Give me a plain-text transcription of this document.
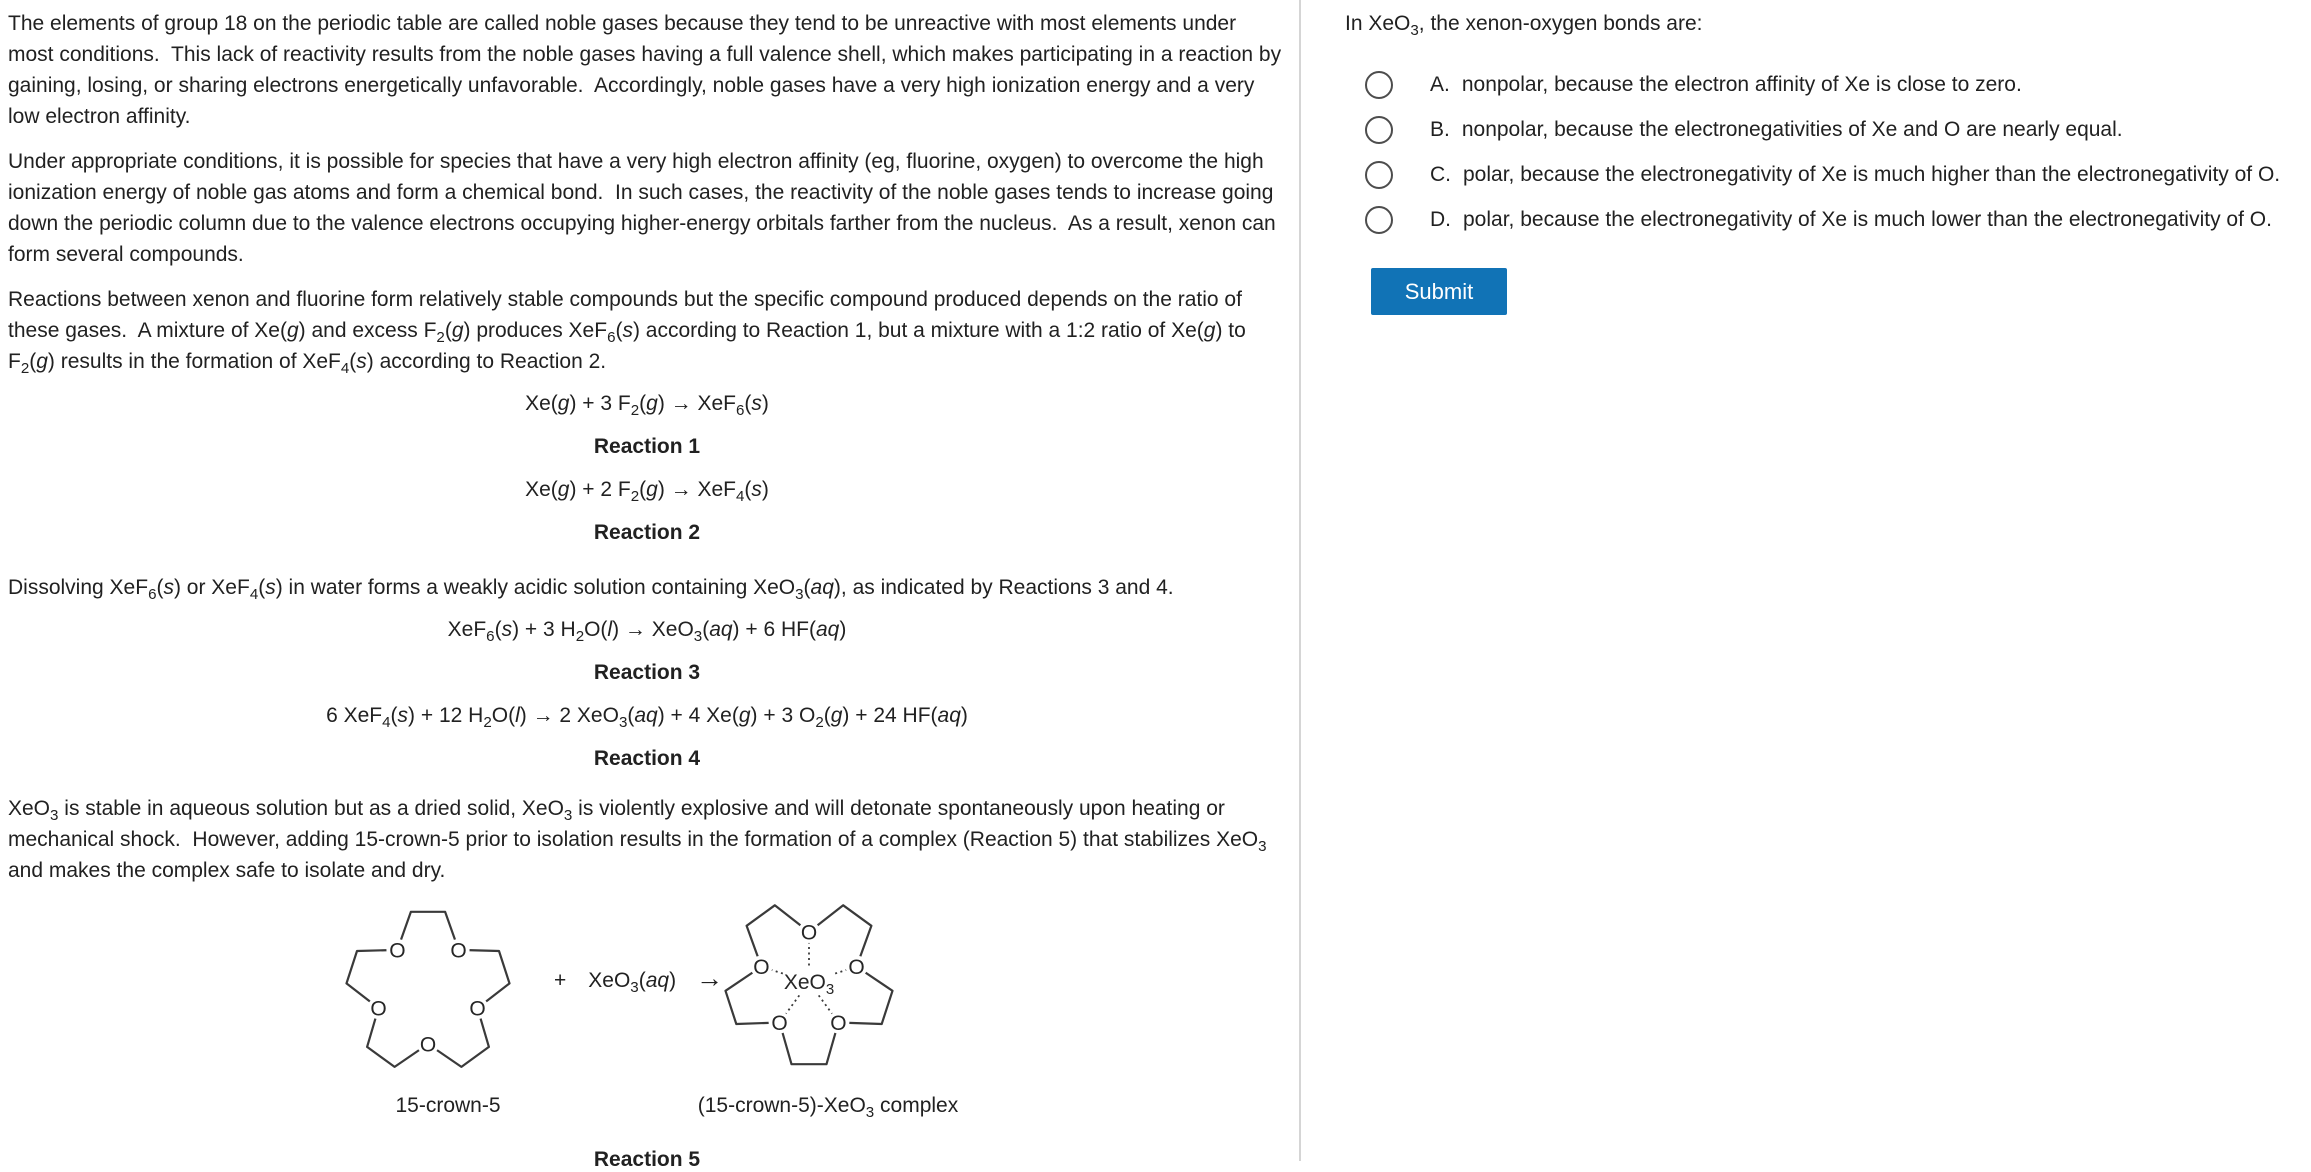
The elements of group 18 on the periodic table are called noble gases because they tend to be unreactive with most elements under most conditions.  This lack of reactivity results from the noble gases having a full valence shell, which makes participating in a reaction by gaining, losing, or sharing electrons energetically unfavorable.  Accordingly, noble gases have a very high ionization energy and a very low electron affinity.
Under appropriate conditions, it is possible for species that have a very high electron affinity (eg, fluorine, oxygen) to overcome the high ionization energy of noble gas atoms and form a chemical bond.  In such cases, the reactivity of the noble gases tends to increase going down the periodic column due to the valence electrons occupying higher-energy orbitals farther from the nucleus.  As a result, xenon can form several compounds.
Reactions between xenon and fluorine form relatively stable compounds but the specific compound produced depends on the ratio of these gases.  A mixture of Xe(g) and excess $F_2(g)$ produces XeF$_6$(s) according to Reaction 1, but a mixture with a 1:2 ratio of Xe(g) to $F_2(g)$ results in the formation of XeF$_4$(s) according to Reaction 2.
Xe(g) + 3 $F_2(g) \to XeF_6(s)$
Reaction 1
Xe(g) + 2 $F_2(g) \to XeF_4(s)$
Reaction 2
Dissolving XeF$_6$(s) or XeF$_4$(s) in water forms a weakly acidic solution containing XeO$_3$(aq), as indicated by Reactions 3 and 4.
XeF$_6$(s) + 3 $H_2O(l) \to XeO_3(aq) + 6$ HF(aq)
Reaction 3
6 XeF$_4$(s) + 12 $H_2O(l) \to 2$ XeO$_3$(aq) + 4 Xe(g) + 3 $O_2(g) + 24$ HF(aq)
Reaction 4
XeO$_3$ is stable in aqueous solution but as a dried solid, XeO$_3$ is violently explosive and will detonate spontaneously upon heating or mechanical shock.  However, adding 15-crown-5 prior to isolation results in the formation of a complex (Reaction 5) that stabilizes XeO$_3$ and makes the complex safe to isolate and dry.
O O
O
O
O
+ XeO$_3$(aq) →
O
O
O
O
O
XeO$_3$
15-crown-5	(15-crown-5)-XeO$_3$ complex
Reaction 5
In XeO$_3$, the xenon-oxygen bonds are:
A. nonpolar, because the electron affinity of Xe is close to zero.
B. nonpolar, because the electronegativities of Xe and O are nearly equal.
C. polar, because the electronegativity of Xe is much higher than the electronegativity of O.
D. polar, because the electronegativity of Xe is much lower than the electronegativity of O.
Submit
